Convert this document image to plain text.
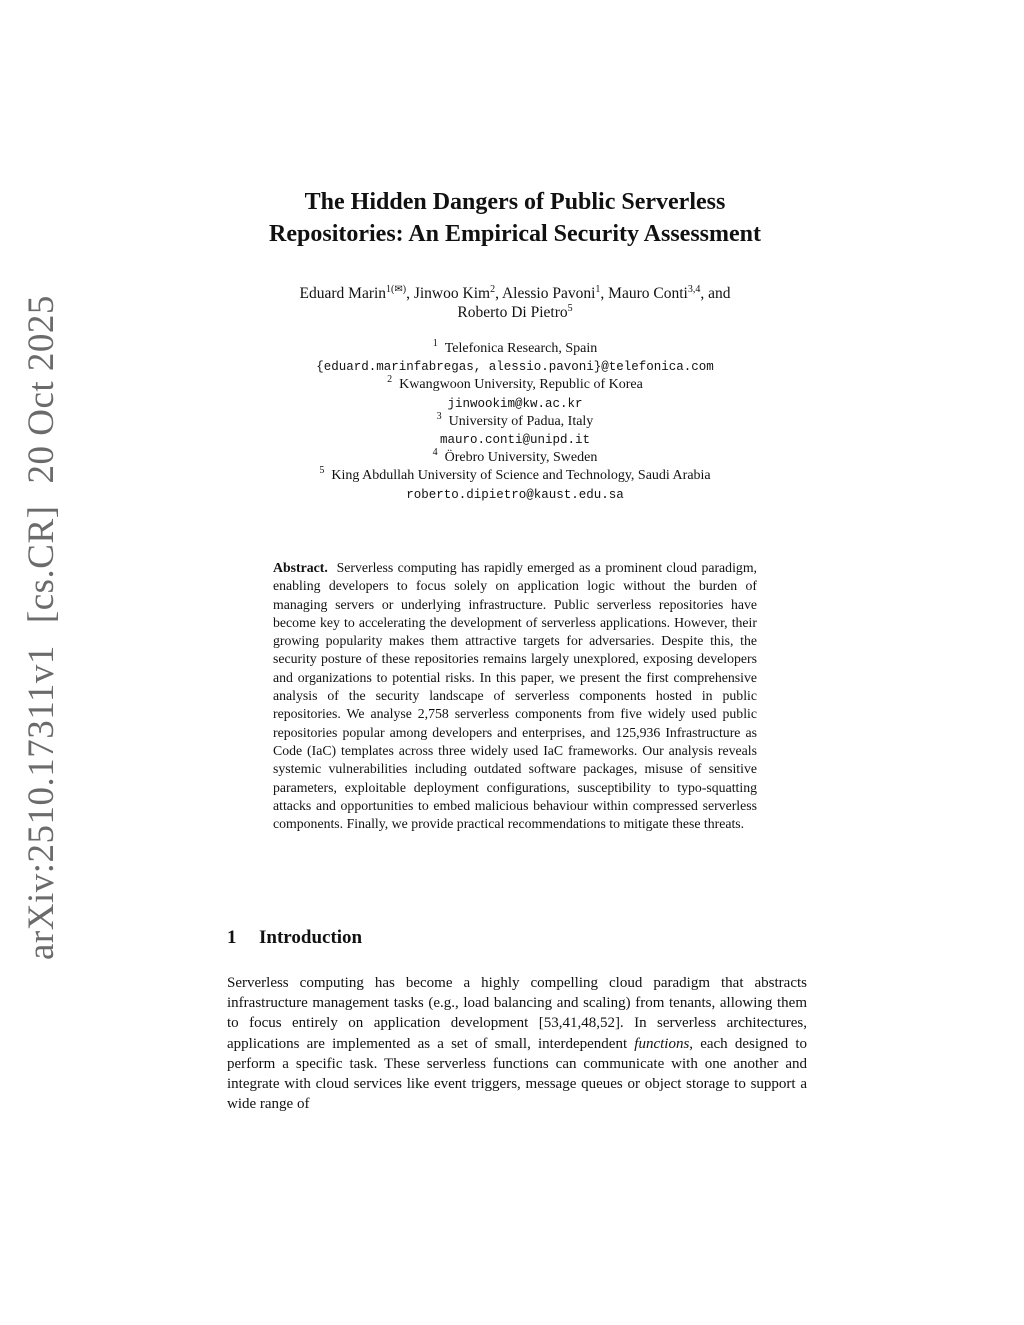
arXiv:2510.17311v1[cs.CR]20 Oct 2025
The Hidden Dangers of Public Serverless
Repositories: An Empirical Security Assessment
Eduard Marin$^{1(✉)}$, Jinwoo Kim$^2$, Alessio Pavoni$^1$, Mauro Conti$^{3,4}$, and
Roberto Di Pietro$^5$
$^1$ Telefonica Research, Spain
{eduard.marinfabregas, alessio.pavoni}@telefonica.com
$^2$ Kwangwoon University, Republic of Korea
jinwookim@kw.ac.kr
$^3$ University of Padua, Italy
mauro.conti@unipd.it
$^4$ Örebro University, Sweden
$^5$ King Abdullah University of Science and Technology, Saudi Arabia
roberto.dipietro@kaust.edu.sa
Abstract. Serverless computing has rapidly emerged as a prominent cloud paradigm, enabling developers to focus solely on application logic without the burden of managing servers or underlying infrastructure. Public serverless repositories have become key to accelerating the development of serverless applications. However, their growing popularity makes them attractive targets for adversaries. Despite this, the security posture of these repositories remains largely unexplored, exposing developers and organizations to potential risks. In this paper, we present the first comprehensive analysis of the security landscape of serverless components hosted in public repositories. We analyse 2,758 serverless components from five widely used public repositories popular among developers and enterprises, and 125,936 Infrastructure as Code (IaC) templates across three widely used IaC frameworks. Our analysis reveals systemic vulnerabilities including outdated software packages, misuse of sensitive parameters, exploitable deployment configurations, susceptibility to typo-squatting attacks and opportunities to embed malicious behaviour within compressed serverless components. Finally, we provide practical recommendations to mitigate these threats.
1 Introduction
Serverless computing has become a highly compelling cloud paradigm that abstracts infrastructure management tasks (e.g., load balancing and scaling) from tenants, allowing them to focus entirely on application development [53,41,48,52]. In serverless architectures, applications are implemented as a set of small, interdependent functions, each designed to perform a specific task. These serverless functions can communicate with one another and integrate with cloud services like event triggers, message queues or object storage to support a wide range of
